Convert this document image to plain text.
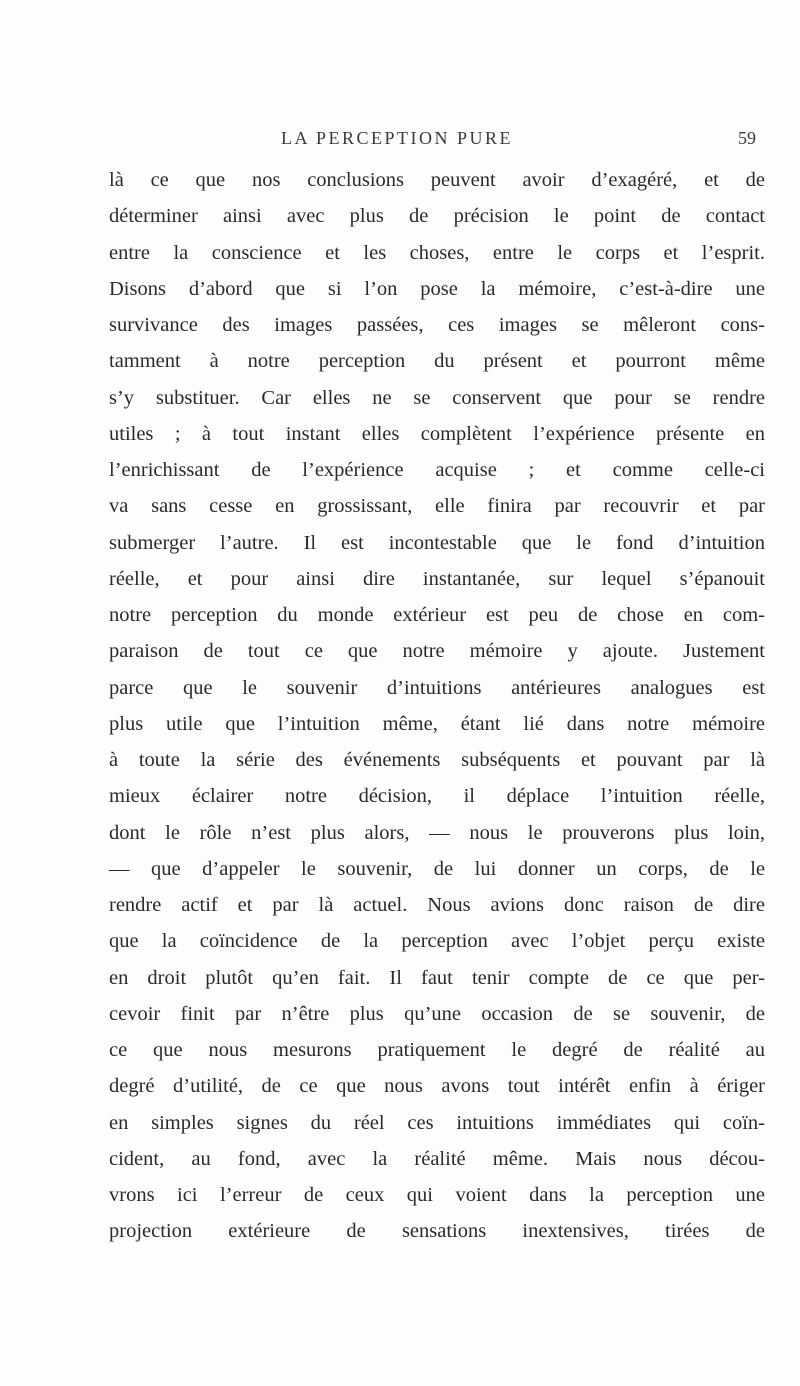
LA PERCEPTION PURE	59
là ce que nos conclusions peuvent avoir d’exagéré, et de
déterminer ainsi avec plus de précision le point de contact
entre la conscience et les choses, entre le corps et l’esprit.
Disons d’abord que si l’on pose la mémoire, c’est-à-dire une
survivance des images passées, ces images se mêleront cons-
tamment à notre perception du présent et pourront même
s’y substituer. Car elles ne se conservent que pour se rendre
utiles ; à tout instant elles complètent l’expérience présente en
l’enrichissant de l’expérience acquise ; et comme celle-ci
va sans cesse en grossissant, elle finira par recouvrir et par
submerger l’autre. Il est incontestable que le fond d’intuition
réelle, et pour ainsi dire instantanée, sur lequel s’épanouit
notre perception du monde extérieur est peu de chose en com-
paraison de tout ce que notre mémoire y ajoute. Justement
parce que le souvenir d’intuitions antérieures analogues est
plus utile que l’intuition même, étant lié dans notre mémoire
à toute la série des événements subséquents et pouvant par là
mieux éclairer notre décision, il déplace l’intuition réelle,
dont le rôle n’est plus alors, — nous le prouverons plus loin,
— que d’appeler le souvenir, de lui donner un corps, de le
rendre actif et par là actuel. Nous avions donc raison de dire
que la coïncidence de la perception avec l’objet perçu existe
en droit plutôt qu’en fait. Il faut tenir compte de ce que per-
cevoir finit par n’être plus qu’une occasion de se souvenir, de
ce que nous mesurons pratiquement le degré de réalité au
degré d’utilité, de ce que nous avons tout intérêt enfin à ériger
en simples signes du réel ces intuitions immédiates qui coïn-
cident, au fond, avec la réalité même. Mais nous décou-
vrons ici l’erreur de ceux qui voient dans la perception une
projection extérieure de sensations inextensives, tirées de
